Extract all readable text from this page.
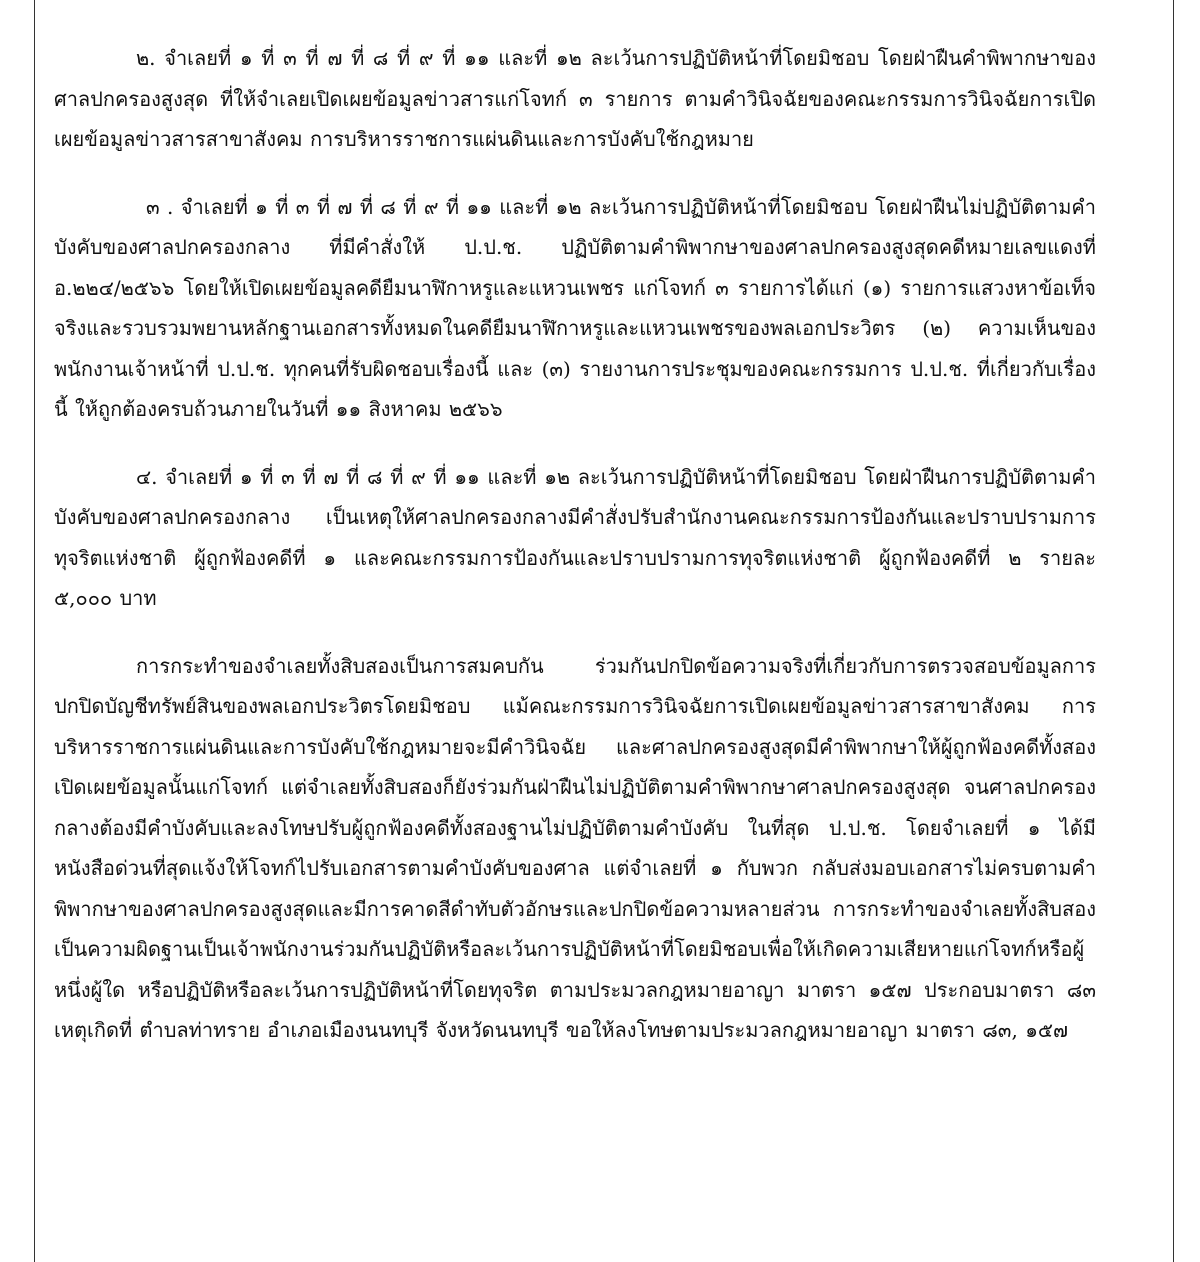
๒. จำเลยที่ ๑ ที่ ๓ ที่ ๗ ที่ ๘ ที่ ๙ ที่ ๑๑ และที่ ๑๒ ละเว้นการปฏิบัติหน้าที่โดยมิชอบ โดยฝ่าฝืนคำพิพากษาของศาลปกครองสูงสุด ที่ให้จำเลยเปิดเผยข้อมูลข่าวสารแก่โจทก์ ๓ รายการ ตามคำวินิจฉัยของคณะกรรมการวินิจฉัยการเปิดเผยข้อมูลข่าวสารสาขาสังคม การบริหารราชการแผ่นดินและการบังคับใช้กฎหมาย

๓ . จำเลยที่ ๑ ที่ ๓ ที่ ๗ ที่ ๘ ที่ ๙ ที่ ๑๑ และที่ ๑๒ ละเว้นการปฏิบัติหน้าที่โดยมิชอบ โดยฝ่าฝืนไม่ปฏิบัติตามคำบังคับของศาลปกครองกลาง ที่มีคำสั่งให้ ป.ป.ช. ปฏิบัติตามคำพิพากษาของศาลปกครองสูงสุดคดีหมายเลขแดงที่ อ.๒๒๔/๒๕๖๖ โดยให้เปิดเผยข้อมูลคดียืมนาฬิกาหรูและแหวนเพชร แก่โจทก์ ๓ รายการได้แก่ (๑) รายการแสวงหาข้อเท็จจริงและรวบรวมพยานหลักฐานเอกสารทั้งหมดในคดียืมนาฬิกาหรูและแหวนเพชรของพลเอกประวิตร (๒) ความเห็นของพนักงานเจ้าหน้าที่ ป.ป.ช. ทุกคนที่รับผิดชอบเรื่องนี้ และ (๓) รายงานการประชุมของคณะกรรมการ ป.ป.ช. ที่เกี่ยวกับเรื่องนี้ ให้ถูกต้องครบถ้วนภายในวันที่ ๑๑ สิงหาคม ๒๕๖๖

๔. จำเลยที่ ๑ ที่ ๓ ที่ ๗ ที่ ๘ ที่ ๙ ที่ ๑๑ และที่ ๑๒ ละเว้นการปฏิบัติหน้าที่โดยมิชอบ โดยฝ่าฝืนการปฏิบัติตามคำบังคับของศาลปกครองกลาง เป็นเหตุให้ศาลปกครองกลางมีคำสั่งปรับสำนักงานคณะกรรมการป้องกันและปราบปรามการทุจริตแห่งชาติ ผู้ถูกฟ้องคดีที่ ๑ และคณะกรรมการป้องกันและปราบปรามการทุจริตแห่งชาติ ผู้ถูกฟ้องคดีที่ ๒ รายละ ๕,๐๐๐ บาท

การกระทำของจำเลยทั้งสิบสองเป็นการสมคบกัน ร่วมกันปกปิดข้อความจริงที่เกี่ยวกับการตรวจสอบข้อมูลการปกปิดบัญชีทรัพย์สินของพลเอกประวิตรโดยมิชอบ แม้คณะกรรมการวินิจฉัยการเปิดเผยข้อมูลข่าวสารสาขาสังคม การบริหารราชการแผ่นดินและการบังคับใช้กฎหมายจะมีคำวินิจฉัย และศาลปกครองสูงสุดมีคำพิพากษาให้ผู้ถูกฟ้องคดีทั้งสองเปิดเผยข้อมูลนั้นแก่โจทก์ แต่จำเลยทั้งสิบสองก็ยังร่วมกันฝ่าฝืนไม่ปฏิบัติตามคำพิพากษาศาลปกครองสูงสุด จนศาลปกครองกลางต้องมีคำบังคับและลงโทษปรับผู้ถูกฟ้องคดีทั้งสองฐานไม่ปฏิบัติตามคำบังคับ ในที่สุด ป.ป.ช. โดยจำเลยที่ ๑ ได้มีหนังสือด่วนที่สุดแจ้งให้โจทก์ไปรับเอกสารตามคำบังคับของศาล แต่จำเลยที่ ๑ กับพวก กลับส่งมอบเอกสารไม่ครบตามคำพิพากษาของศาลปกครองสูงสุดและมีการคาดสีดำทับตัวอักษรและปกปิดข้อความหลายส่วน การกระทำของจำเลยทั้งสิบสองเป็นความผิดฐานเป็นเจ้าพนักงานร่วมกันปฏิบัติหรือละเว้นการปฏิบัติหน้าที่โดยมิชอบเพื่อให้เกิดความเสียหายแก่โจทก์หรือผู้หนึ่งผู้ใด หรือปฏิบัติหรือละเว้นการปฏิบัติหน้าที่โดยทุจริต ตามประมวลกฎหมายอาญา มาตรา ๑๕๗ ประกอบมาตรา ๘๓ เหตุเกิดที่ ตำบลท่าทราย อำเภอเมืองนนทบุรี จังหวัดนนทบุรี ขอให้ลงโทษตามประมวลกฎหมายอาญา มาตรา ๘๓, ๑๕๗
